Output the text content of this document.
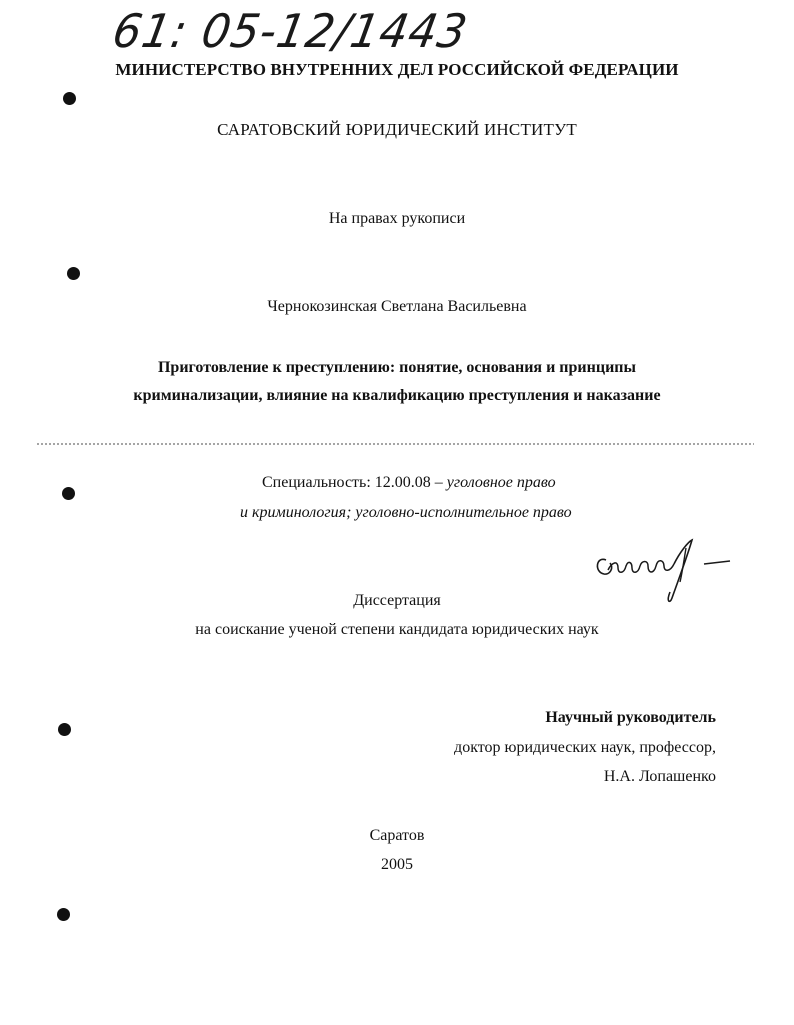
61: 05-12/1443
МИНИСТЕРСТВО ВНУТРЕННИХ ДЕЛ РОССИЙСКОЙ ФЕДЕРАЦИИ
САРАТОВСКИЙ ЮРИДИЧЕСКИЙ ИНСТИТУТ
На правах рукописи
Чернокозинская Светлана Васильевна
Приготовление к преступлению: понятие, основания и принципы
криминализации, влияние на квалификацию преступления и наказание
Специальность: 12.00.08 – уголовное право
и криминология; уголовно-исполнительное право
Диссертация
на соискание ученой степени кандидата юридических наук
Научный руководитель
доктор юридических наук, профессор,
Н.А. Лопашенко
Саратов
2005
